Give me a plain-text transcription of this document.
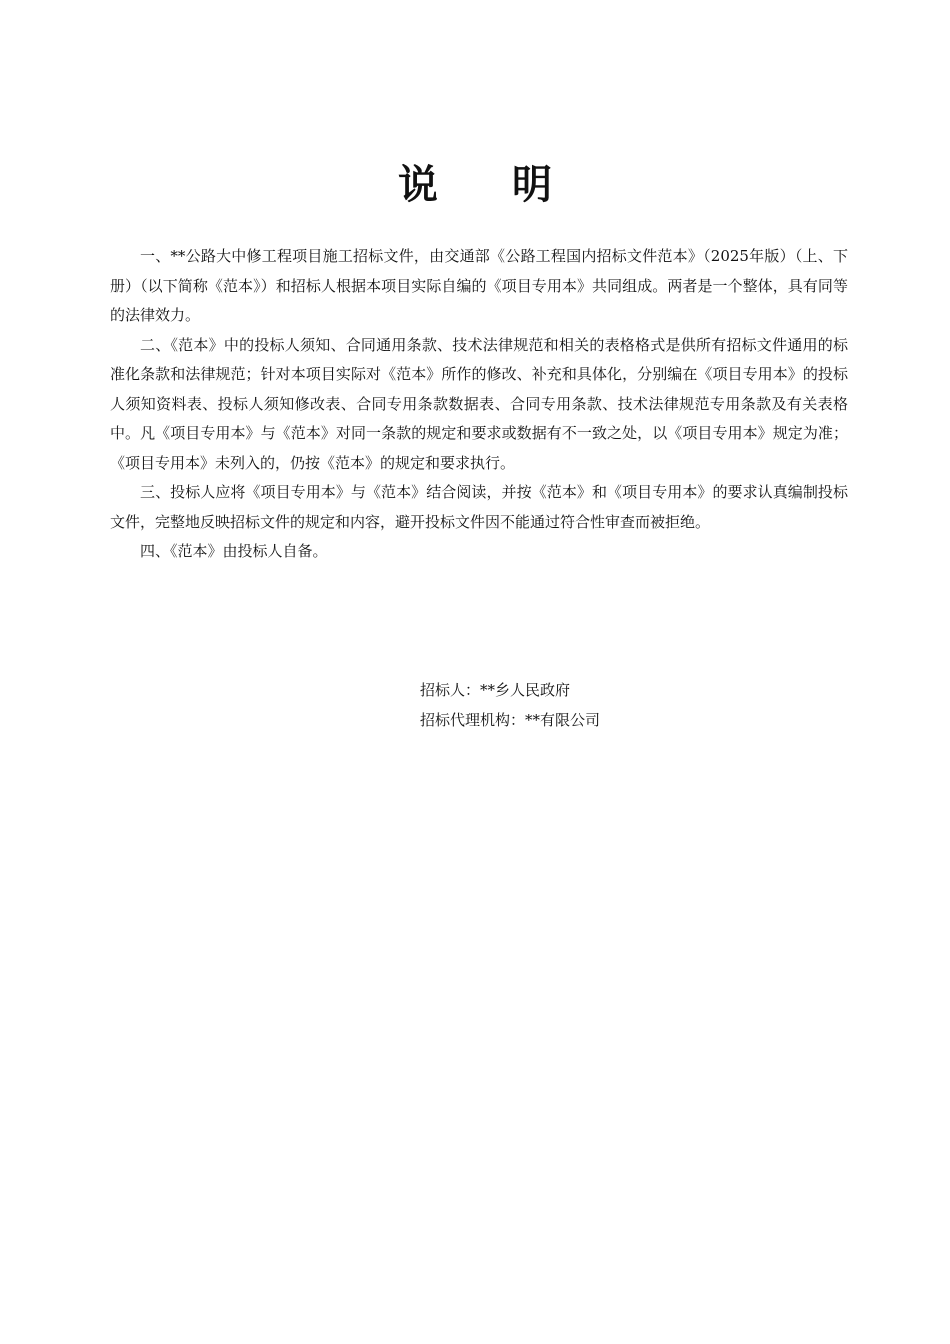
说 明

一、**公路大中修工程项目施工招标文件，由交通部《公路工程国内招标文件范本》（2025年版）（上、下册）（以下简称《范本》）和招标人根据本项目实际自编的《项目专用本》共同组成。两者是一个整体，具有同等的法律效力。

二、《范本》中的投标人须知、合同通用条款、技术法律规范和相关的表格格式是供所有招标文件通用的标准化条款和法律规范；针对本项目实际对《范本》所作的修改、补充和具体化，分别编在《项目专用本》的投标人须知资料表、投标人须知修改表、合同专用条款数据表、合同专用条款、技术法律规范专用条款及有关表格中。凡《项目专用本》与《范本》对同一条款的规定和要求或数据有不一致之处，以《项目专用本》规定为准；《项目专用本》未列入的，仍按《范本》的规定和要求执行。

三、投标人应将《项目专用本》与《范本》结合阅读，并按《范本》和《项目专用本》的要求认真编制投标文件，完整地反映招标文件的规定和内容，避开投标文件因不能通过符合性审查而被拒绝。

四、《范本》由投标人自备。

招标人：**乡人民政府

招标代理机构：**有限公司
